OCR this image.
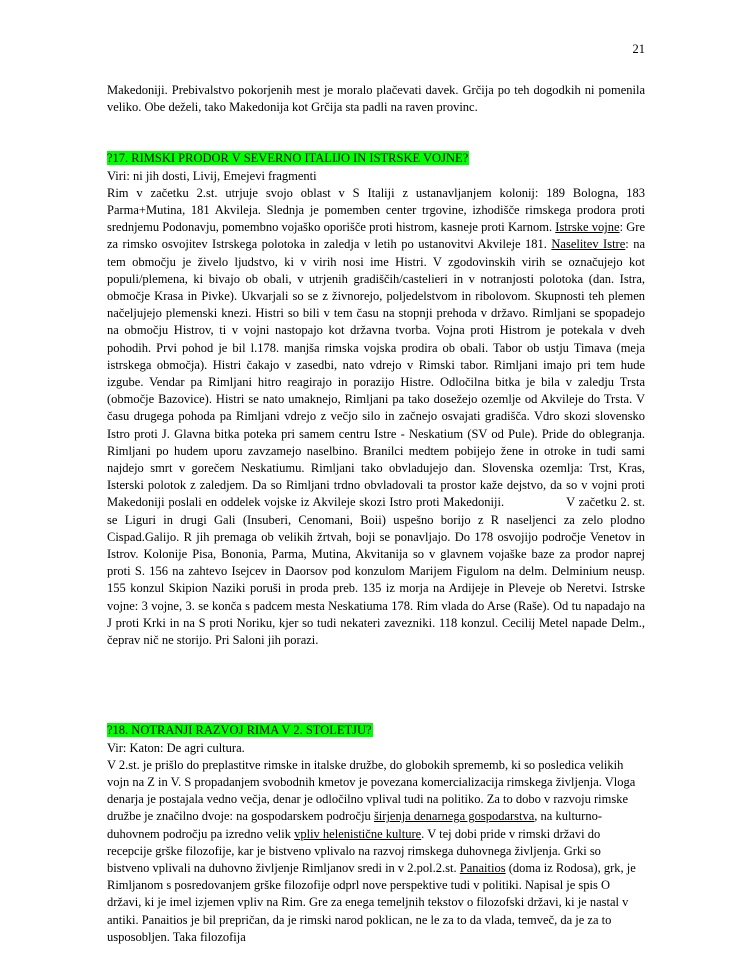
21

Makedoniji. Prebivalstvo pokorjenih mest je moralo plačevati davek. Grčija po teh dogodkih ni pomenila veliko. Obe deželi, tako Makedonija kot Grčija sta padli na raven provinc.

?17. RIMSKI PRODOR V SEVERNO ITALIJO IN ISTRSKE VOJNE?

Viri: ni jih dosti, Livij, Emejevi fragmenti

Rim v začetku 2.st. utrjuje svojo oblast v S Italiji z ustanavljanjem kolonij: 189 Bologna, 183 Parma+Mutina, 181 Akvileja. Slednja je pomemben center trgovine, izhodišče rimskega prodora proti srednjemu Podonavju, pomembno vojaško oporišče proti histrom, kasneje proti Karnom. Istrske vojne: Gre za rimsko osvojitev Istrskega polotoka in zaledja v letih po ustanovitvi Akvileje 181. Naselitev Istre: na tem območju je živelo ljudstvo, ki v virih nosi ime Histri. V zgodovinskih virih se označujejo kot populi/plemena, ki bivajo ob obali, v utrjenih gradiščih/castelieri in v notranjosti polotoka (dan. Istra, območje Krasa in Pivke). Ukvarjali so se z živnorejo, poljedelstvom in ribolovom. Skupnosti teh plemen načeljujejo plemenski knezi. Histri so bili v tem času na stopnji prehoda v državo. Rimljani se spopadejo na območju Histrov, ti v vojni nastopajo kot državna tvorba. Vojna proti Histrom je potekala v dveh pohodih. Prvi pohod je bil l.178. manjša rimska vojska prodira ob obali. Tabor ob ustju Timava (meja istrskega območja). Histri čakajo v zasedbi, nato vdrejo v Rimski tabor. Rimljani imajo pri tem hude izgube. Vendar pa Rimljani hitro reagirajo in porazijo Histre. Odločilna bitka je bila v zaledju Trsta (območje Bazovice). Histri se nato umaknejo, Rimljani pa tako dosežejo ozemlje od Akvileje do Trsta. V času drugega pohoda pa Rimljani vdrejo z večjo silo in začnejo osvajati gradišča. Vdro skozi slovensko Istro proti J. Glavna bitka poteka pri samem centru Istre - Neskatium (SV od Pule). Pride do oblegranja. Rimljani po hudem uporu zavzamejo naselbino. Branilci medtem pobijejo žene in otroke in tudi sami najdejo smrt v gorečem Neskatiumu. Rimljani tako obvladujejo dan. Slovenska ozemlja: Trst, Kras, Isterski polotok z zaledjem. Da so Rimljani trdno obvladovali ta prostor kaže dejstvo, da so v vojni proti Makedoniji poslali en oddelek vojske iz Akvileje skozi Istro proti Makedoniji.	V začetku 2. st. se Liguri in drugi Gali (Insuberi, Cenomani, Boii) uspešno borijo z R naseljenci za zelo plodno Cispad.Galijo. R jih premaga ob velikih žrtvah, boji se ponavljajo. Do 178 osvojijo področje Venetov in Istrov. Kolonije Pisa, Bononia, Parma, Mutina, Akvitanija so v glavnem vojaške baze za prodor naprej proti S. 156 na zahtevo Isejcev in Daorsov pod konzulom Marijem Figulom na delm. Delminium neusp. 155 konzul Skipion Naziki poruši in proda preb. 135 iz morja na Ardijeje in Pleveje ob Neretvi. Istrske vojne: 3 vojne, 3. se konča s padcem mesta Neskatiuma 178. Rim vlada do Arse (Raše). Od tu napadajo na J proti Krki in na S proti Noriku, kjer so tudi nekateri zavezniki. 118 konzul. Cecilij Metel napade Delm., čeprav nič ne storijo. Pri Saloni jih porazi.

?18. NOTRANJI RAZVOJ RIMA V 2. STOLETJU?

Vir: Katon: De agri cultura.

V 2.st. je prišlo do preplastitve rimske in italske družbe, do globokih sprememb, ki so posledica velikih vojn na Z in V. S propadanjem svobodnih kmetov je povezana komercializacija rimskega življenja. Vloga denarja je postajala vedno večja, denar je odločilno vplival tudi na politiko. Za to dobo v razvoju rimske družbe je značilno dvoje: na gospodarskem področju širjenja denarnega gospodarstva, na kulturno-duhovnem področju pa izredno velik vpliv helenistične kulture. V tej dobi pride v rimski državi do recepcije grške filozofije, kar je bistveno vplivalo na razvoj rimskega duhovnega življenja. Grki so bistveno vplivali na duhovno življenje Rimljanov sredi in v 2.pol.2.st. Panaitios (doma iz Rodosa), grk, je Rimljanom s posredovanjem grške filozofije odprl nove perspektive tudi v politiki. Napisal je spis O državi, ki je imel izjemen vpliv na Rim. Gre za enega temeljnih tekstov o filozofski državi, ki je nastal v antiki. Panaitios je bil prepričan, da je rimski narod poklican, ne le za to da vlada, temveč, da je za to usposobljen. Taka filozofija
